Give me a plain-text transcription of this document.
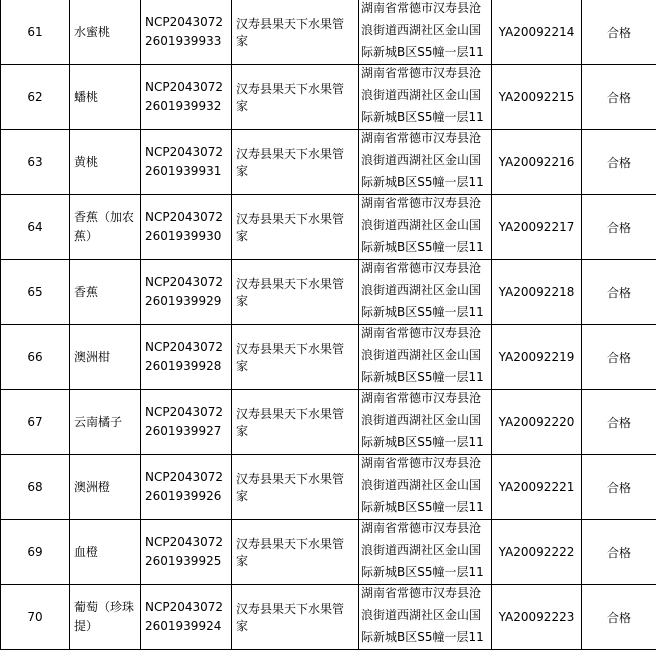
61	水蜜桃	NCP20430722601939933	汉寿县果天下水果管家	湖南省常德市汉寿县沧浪街道西湖社区金山国际新城B区S5幢一层11	YA20092214	合格
62	蟠桃	NCP20430722601939932	汉寿县果天下水果管家	湖南省常德市汉寿县沧浪街道西湖社区金山国际新城B区S5幢一层11	YA20092215	合格
63	黄桃	NCP20430722601939931	汉寿县果天下水果管家	湖南省常德市汉寿县沧浪街道西湖社区金山国际新城B区S5幢一层11	YA20092216	合格
64	香蕉（加农蕉）	NCP20430722601939930	汉寿县果天下水果管家	湖南省常德市汉寿县沧浪街道西湖社区金山国际新城B区S5幢一层11	YA20092217	合格
65	香蕉	NCP20430722601939929	汉寿县果天下水果管家	湖南省常德市汉寿县沧浪街道西湖社区金山国际新城B区S5幢一层11	YA20092218	合格
66	澳洲柑	NCP20430722601939928	汉寿县果天下水果管家	湖南省常德市汉寿县沧浪街道西湖社区金山国际新城B区S5幢一层11	YA20092219	合格
67	云南橘子	NCP20430722601939927	汉寿县果天下水果管家	湖南省常德市汉寿县沧浪街道西湖社区金山国际新城B区S5幢一层11	YA20092220	合格
68	澳洲橙	NCP20430722601939926	汉寿县果天下水果管家	湖南省常德市汉寿县沧浪街道西湖社区金山国际新城B区S5幢一层11	YA20092221	合格
69	血橙	NCP20430722601939925	汉寿县果天下水果管家	湖南省常德市汉寿县沧浪街道西湖社区金山国际新城B区S5幢一层11	YA20092222	合格
70	葡萄（珍珠提）	NCP20430722601939924	汉寿县果天下水果管家	湖南省常德市汉寿县沧浪街道西湖社区金山国际新城B区S5幢一层11	YA20092223	合格
